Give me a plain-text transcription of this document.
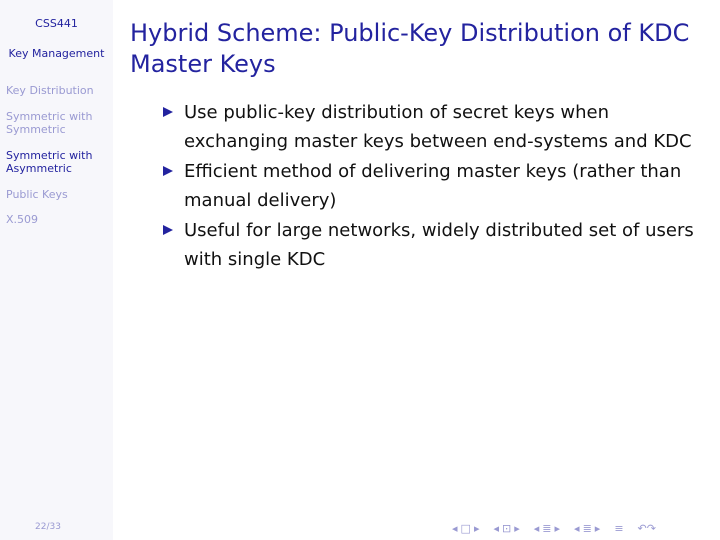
CSS441
Key Management
Key Distribution
Symmetric with Symmetric
Symmetric with Asymmetric
Public Keys
X.509
22/33
Hybrid Scheme: Public-Key Distribution of KDC Master Keys
Use public-key distribution of secret keys when exchanging master keys between end-systems and KDC
Efficient method of delivering master keys (rather than manual delivery)
Useful for large networks, widely distributed set of users with single KDC
◂ □ ▸ ◂ ⊡ ▸ ◂ ≣ ▸ ◂ ≣ ▸ ≡ ↶↷
